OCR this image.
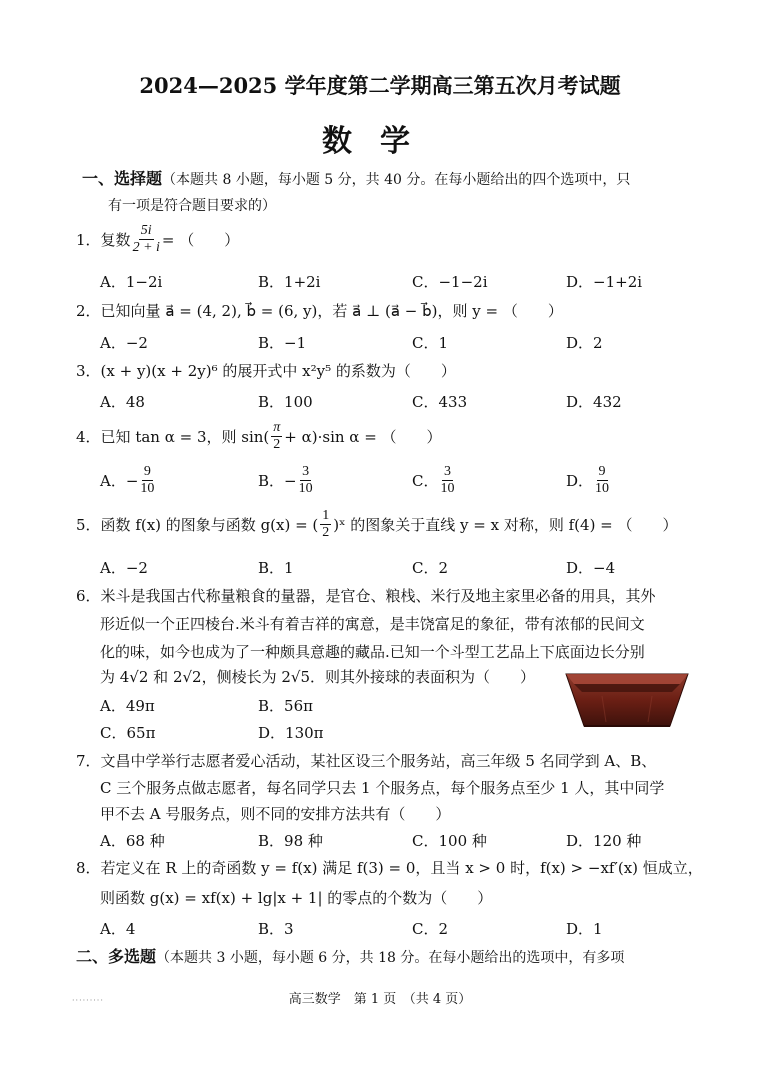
2024—2025 学年度第二学期高三第五次月考试题
数学
一、选择题（本题共 8 小题，每小题 5 分，共 40 分。在每小题给出的四个选项中，只
有一项是符合题目要求的）
1． 复数 $\frac{5i}{2 + i}$ = （　　）
A．1−2i	B．1+2i	C．−1−2i	D．−1+2i
2．已知向量 a⃗ = (4, 2), b⃗ = (6, y)，若 a⃗ ⊥ (a⃗ − b⃗)，则 y = （　　）
A．−2	B．−1	C．1	D．2
3．(x + y)(x + 2y)⁶ 的展开式中 x²y⁵ 的系数为（　　）
A．48	B．100	C．433	D．432
4． 已知 tan α = 3，则 $\sin( \frac{\pi}{2} + \alpha)\cdot\sin$ α = （　　）
A．− $\frac{9}{10}$	B．− $\frac{3}{10}$	C． $\frac{3}{10}$	D． $\frac{9}{10}$
5． 函数 f(x) 的图象与函数 g(x) = ( $\frac{1}{2}$ )ˣ 的图象关于直线 y = x 对称，则 f(4) = （　　）
A．−2	B．1	C．2	D．−4
6．米斗是我国古代称量粮食的量器，是官仓、粮栈、米行及地主家里必备的用具，其外
形近似一个正四棱台.米斗有着吉祥的寓意，是丰饶富足的象征，带有浓郁的民间文
化的味，如今也成为了一种颇具意趣的藏品.已知一个斗型工艺品上下底面边长分别
为 4√2 和 2√2，侧棱长为 2√5．则其外接球的表面积为（　　）
A．49π	B．56π
C．65π	D．130π
7．文昌中学举行志愿者爱心活动，某社区设三个服务站，高三年级 5 名同学到 A、B、
C 三个服务点做志愿者，每名同学只去 1 个服务点，每个服务点至少 1 人，其中同学
甲不去 A 号服务点，则不同的安排方法共有（　　）
A．68 种	B．98 种	C．100 种	D．120 种
8．若定义在 R 上的奇函数 y = f(x) 满足 f(3) = 0，且当 x > 0 时，f(x) > −xf′(x) 恒成立，
则函数 g(x) = xf(x) + lg|x + 1| 的零点的个数为（　　）
A．4	B．3	C．2	D．1
二、多选题（本题共 3 小题，每小题 6 分，共 18 分。在每小题给出的选项中，有多项
·········	高三数学　第 1 页　（共 4 页）
